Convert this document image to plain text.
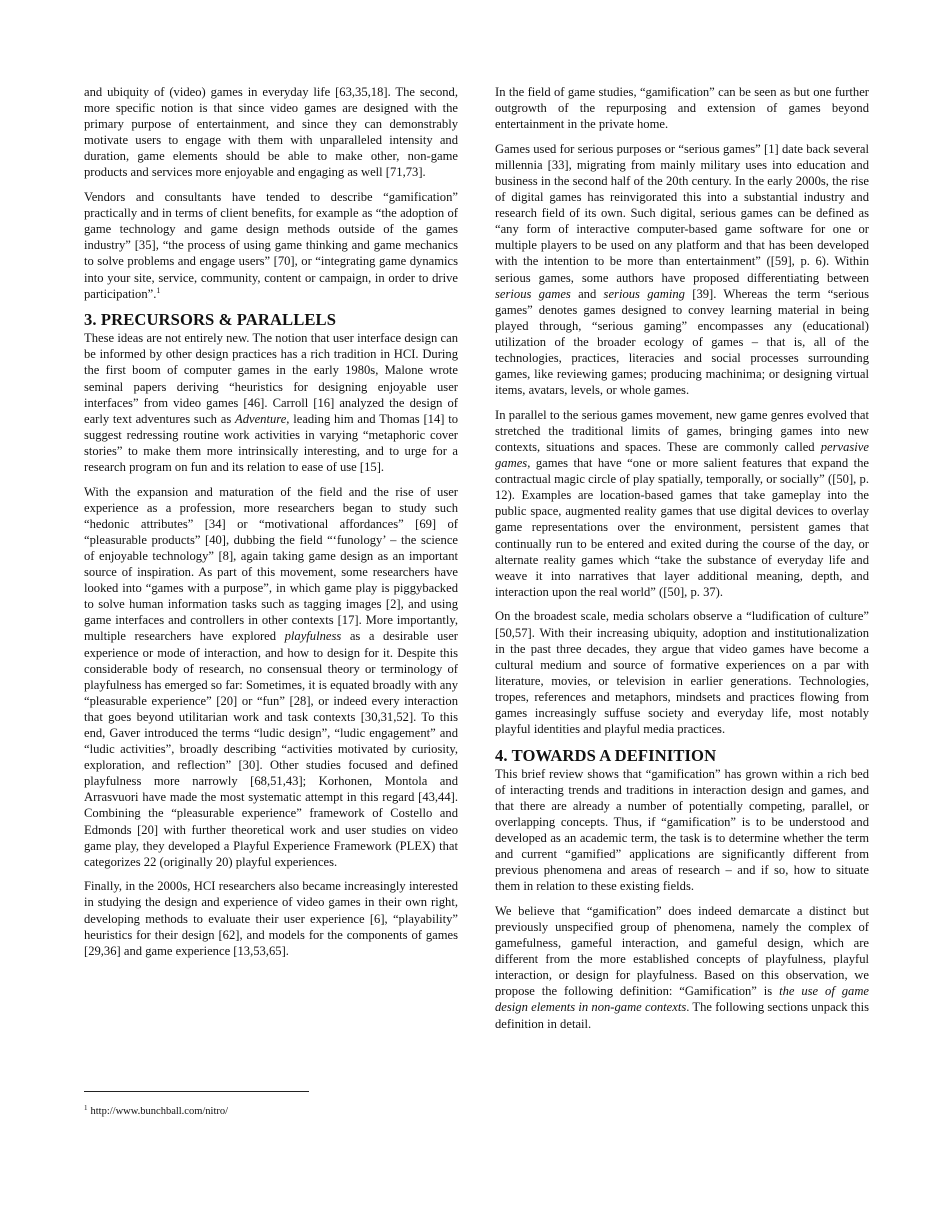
and ubiquity of (video) games in everyday life [63,35,18]. The second, more specific notion is that since video games are designed with the primary purpose of entertainment, and since they can demonstrably motivate users to engage with them with unparalleled intensity and duration, game elements should be able to make other, non-game products and services more enjoyable and engaging as well [71,73].

Vendors and consultants have tended to describe “gamification” practically and in terms of client benefits, for example as “the adoption of game technology and game design methods outside of the games industry” [35], “the process of using game thinking and game mechanics to solve problems and engage users” [70], or “integrating game dynamics into your site, service, community, content or campaign, in order to drive participation”.$^1$

3. PRECURSORS & PARALLELS

These ideas are not entirely new. The notion that user interface design can be informed by other design practices has a rich tradition in HCI. During the first boom of computer games in the early 1980s, Malone wrote seminal papers deriving “heuristics for designing enjoyable user interfaces” from video games [46]. Carroll [16] analyzed the design of early text adventures such as Adventure, leading him and Thomas [14] to suggest redressing routine work activities in varying “metaphoric cover stories” to make them more intrinsically interesting, and to urge for a research program on fun and its relation to ease of use [15].

With the expansion and maturation of the field and the rise of user experience as a profession, more researchers began to study such “hedonic attributes” [34] or “motivational affordances” [69] of “pleasurable products” [40], dubbing the field “‘funology’ – the science of enjoyable technology” [8], again taking game design as an important source of inspiration. As part of this movement, some researchers have looked into “games with a purpose”, in which game play is piggybacked to solve human information tasks such as tagging images [2], and using game interfaces and controllers in other contexts [17]. More importantly, multiple researchers have explored playfulness as a desirable user experience or mode of interaction, and how to design for it. Despite this considerable body of research, no consensual theory or terminology of playfulness has emerged so far: Sometimes, it is equated broadly with any “pleasurable experience” [20] or “fun” [28], or indeed every interaction that goes beyond utilitarian work and task contexts [30,31,52]. To this end, Gaver introduced the terms “ludic design”, “ludic engagement” and “ludic activities”, broadly describing “activities motivated by curiosity, exploration, and reflection” [30]. Other studies focused and defined playfulness more narrowly [68,51,43]; Korhonen, Montola and Arrasvuori have made the most systematic attempt in this regard [43,44]. Combining the “pleasurable experience” framework of Costello and Edmonds [20] with further theoretical work and user studies on video game play, they developed a Playful Experience Framework (PLEX) that categorizes 22 (originally 20) playful experiences.

Finally, in the 2000s, HCI researchers also became increasingly interested in studying the design and experience of video games in their own right, developing methods to evaluate their user experience [6], “playability” heuristics for their design [62], and models for the components of games [29,36] and game experience [13,53,65].

In the field of game studies, “gamification” can be seen as but one further outgrowth of the repurposing and extension of games beyond entertainment in the private home.

Games used for serious purposes or “serious games” [1] date back several millennia [33], migrating from mainly military uses into education and business in the second half of the 20th century. In the early 2000s, the rise of digital games has reinvigorated this into a substantial industry and research field of its own. Such digital, serious games can be defined as “any form of interactive computer-based game software for one or multiple players to be used on any platform and that has been developed with the intention to be more than entertainment” ([59], p. 6). Within serious games, some authors have proposed differentiating between serious games and serious gaming [39]. Whereas the term “serious games” denotes games designed to convey learning material in being played through, “serious gaming” encompasses any (educational) utilization of the broader ecology of games – that is, all of the technologies, practices, literacies and social processes surrounding games, like reviewing games; producing machinima; or designing virtual items, avatars, levels, or whole games.

In parallel to the serious games movement, new game genres evolved that stretched the traditional limits of games, bringing games into new contexts, situations and spaces. These are commonly called pervasive games, games that have “one or more salient features that expand the contractual magic circle of play spatially, temporally, or socially” ([50], p. 12). Examples are location-based games that take gameplay into the public space, augmented reality games that use digital devices to overlay game representations over the environment, persistent games that continually run to be entered and exited during the course of the day, or alternate reality games which “take the substance of everyday life and weave it into narratives that layer additional meaning, depth, and interaction upon the real world” ([50], p. 37).

On the broadest scale, media scholars observe a “ludification of culture” [50,57]. With their increasing ubiquity, adoption and institutionalization in the past three decades, they argue that video games have become a cultural medium and source of formative experiences on a par with literature, movies, or television in earlier generations. Technologies, tropes, references and metaphors, mindsets and practices flowing from games increasingly suffuse society and everyday life, most notably playful identities and playful media practices.

4. TOWARDS A DEFINITION

This brief review shows that “gamification” has grown within a rich bed of interacting trends and traditions in interaction design and games, and that there are already a number of potentially competing, parallel, or overlapping concepts. Thus, if “gamification” is to be understood and developed as an academic term, the task is to determine whether the term and current “gamified” applications are significantly different from previous phenomena and areas of research – and if so, how to situate them in relation to these existing fields.

We believe that “gamification” does indeed demarcate a distinct but previously unspecified group of phenomena, namely the complex of gamefulness, gameful interaction, and gameful design, which are different from the more established concepts of playfulness, playful interaction, or design for playfulness. Based on this observation, we propose the following definition: “Gamification” is the use of game design elements in non-game contexts. The following sections unpack this definition in detail.

$^1$ http://www.bunchball.com/nitro/
